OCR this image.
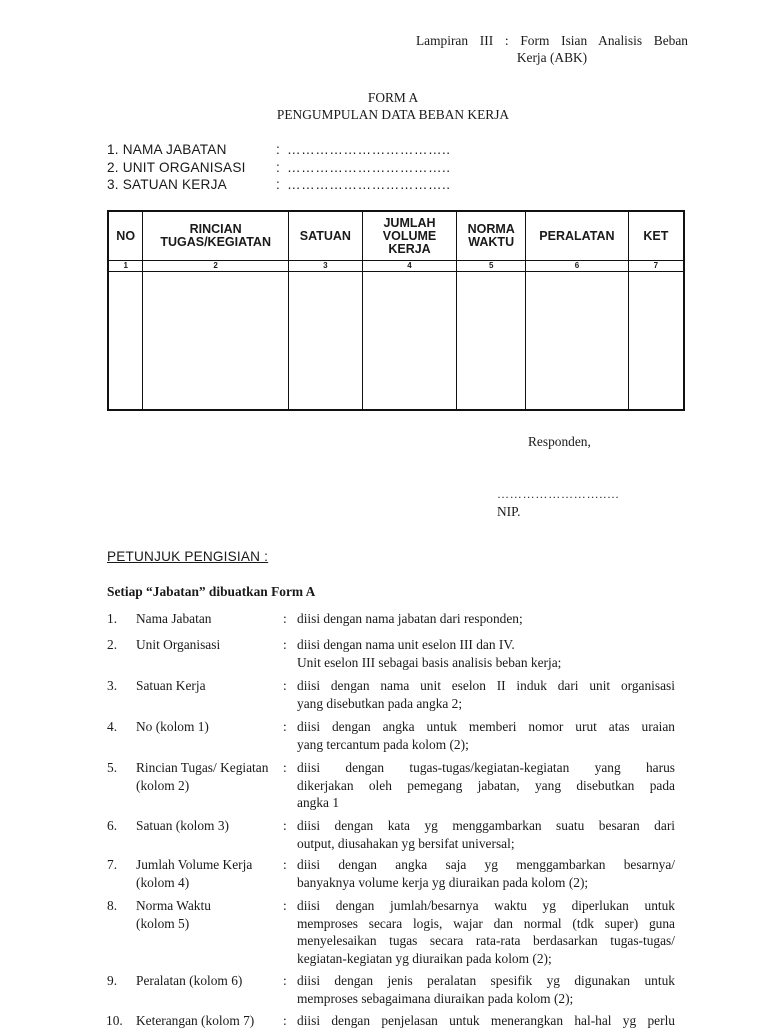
Lampiran III : Form Isian Analisis Beban
Kerja (ABK)
FORM A
PENGUMPULAN DATA BEBAN KERJA
1. NAMA JABATAN	: ……………………………..
2. UNIT ORGANISASI : ……………………………..
3. SATUAN KERJA	: ……………………………..
NO	RINCIAN TUGAS/KEGIATAN	SATUAN	JUMLAH VOLUME KERJA	NORMA WAKTU	PERALATAN	KET
1	2	3	4	5	6	7

Responden,
……………………..…
NIP.
PETUNJUK PENGISIAN :
Setiap “Jabatan” dibuatkan Form A
1. Nama Jabatan	: diisi dengan nama jabatan dari responden;
2. Unit Organisasi	: diisi dengan nama unit eselon III dan IV.
Unit eselon III sebagai basis analisis beban kerja;
3. Satuan Kerja	: diisi dengan nama unit eselon II induk dari unit organisasi
yang disebutkan pada angka 2;
4. No (kolom 1)	: diisi dengan angka untuk memberi nomor urut atas uraian
yang tercantum pada kolom (2);
5. Rincian Tugas/ Kegiatan (kolom 2)
: diisi dengan tugas-tugas/kegiatan-kegiatan yang harus
dikerjakan oleh pemegang jabatan, yang disebutkan pada
angka 1
6. Satuan (kolom 3)	: diisi dengan kata yg menggambarkan suatu besaran dari
output, diusahakan yg bersifat universal;
7. Jumlah Volume Kerja (kolom 4)
: diisi dengan angka saja yg menggambarkan besarnya/
banyaknya volume kerja yg diuraikan pada kolom (2);
8. Norma Waktu (kolom 5)
: diisi dengan jumlah/besarnya waktu yg diperlukan untuk
memproses secara logis, wajar dan normal (tdk super) guna
menyelesaikan tugas secara rata-rata berdasarkan tugas-tugas/
kegiatan-kegiatan yg diuraikan pada kolom (2);
9. Peralatan (kolom 6)	: diisi dengan jenis peralatan spesifik yg digunakan untuk
memproses sebagaimana diuraikan pada kolom (2);
10. Keterangan (kolom 7)	: diisi dengan penjelasan untuk menerangkan hal-hal yg perlu
